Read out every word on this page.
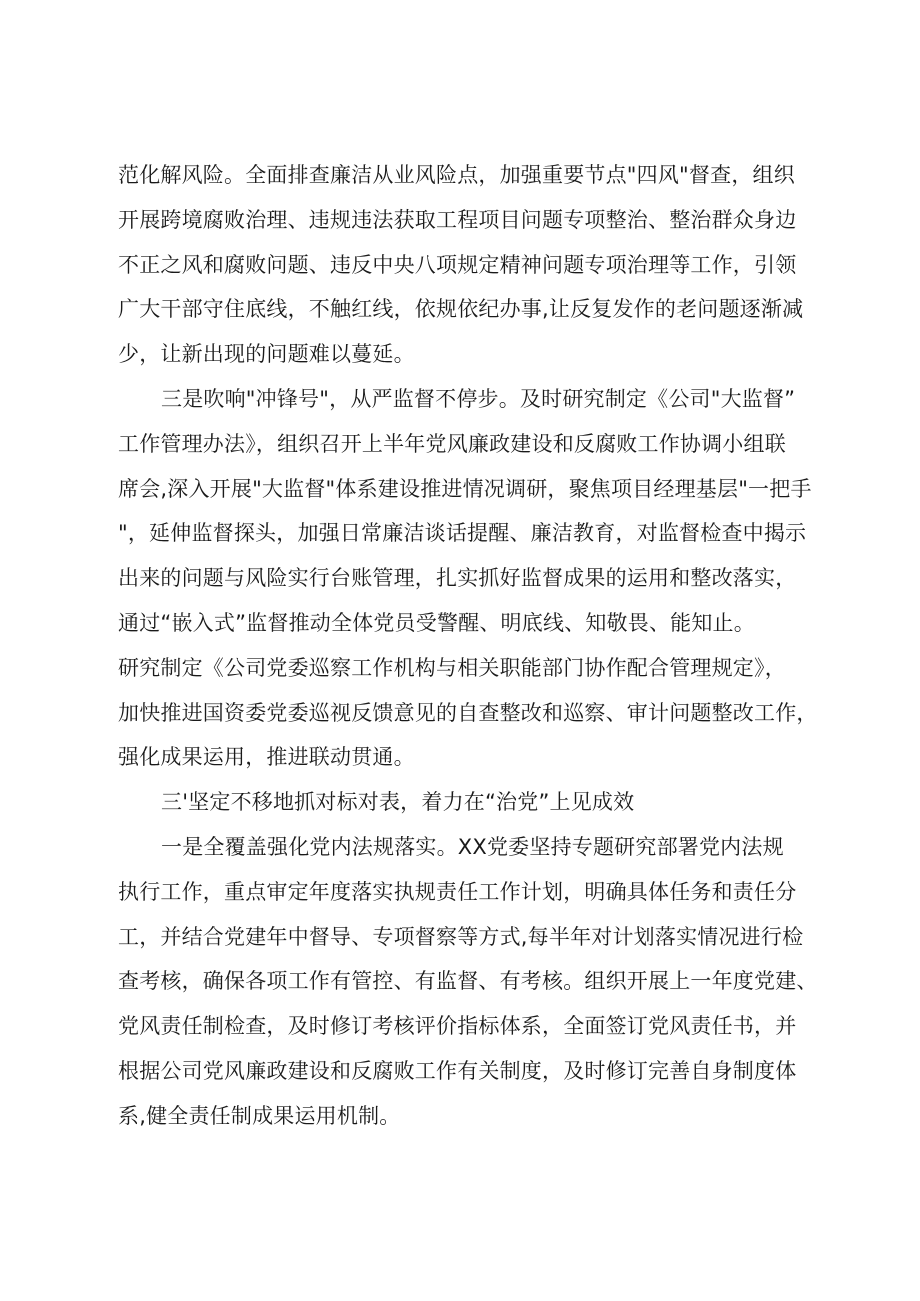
范化解风险。全面排查廉洁从业风险点，加强重要节点"四风"督查，组织
开展跨境腐败治理、违规违法获取工程项目问题专项整治、整治群众身边
不正之风和腐败问题、违反中央八项规定精神问题专项治理等工作，引领
广大干部守住底线，不触红线，依规依纪办事,让反复发作的老问题逐渐减
少，让新出现的问题难以蔓延。
三是吹响"冲锋号"，从严监督不停步。及时研究制定《公司"大监督”
工作管理办法》，组织召开上半年党风廉政建设和反腐败工作协调小组联
席会,深入开展"大监督"体系建设推进情况调研，聚焦项目经理基层"一把手
"，延伸监督探头，加强日常廉洁谈话提醒、廉洁教育，对监督检查中揭示
出来的问题与风险实行台账管理，扎实抓好监督成果的运用和整改落实，
通过“嵌入式”监督推动全体党员受警醒、明底线、知敬畏、能知止。
研究制定《公司党委巡察工作机构与相关职能部门协作配合管理规定》，
加快推进国资委党委巡视反馈意见的自查整改和巡察、审计问题整改工作，
强化成果运用，推进联动贯通。
三'坚定不移地抓对标对表，着力在“治党”上见成效
一是全覆盖强化党内法规落实。XX党委坚持专题研究部署党内法规
执行工作，重点审定年度落实执规责任工作计划，明确具体任务和责任分
工，并结合党建年中督导、专项督察等方式,每半年对计划落实情况进行检
查考核，确保各项工作有管控、有监督、有考核。组织开展上一年度党建、
党风责任制检查，及时修订考核评价指标体系，全面签订党风责任书，并
根据公司党风廉政建设和反腐败工作有关制度，及时修订完善自身制度体
系,健全责任制成果运用机制。
